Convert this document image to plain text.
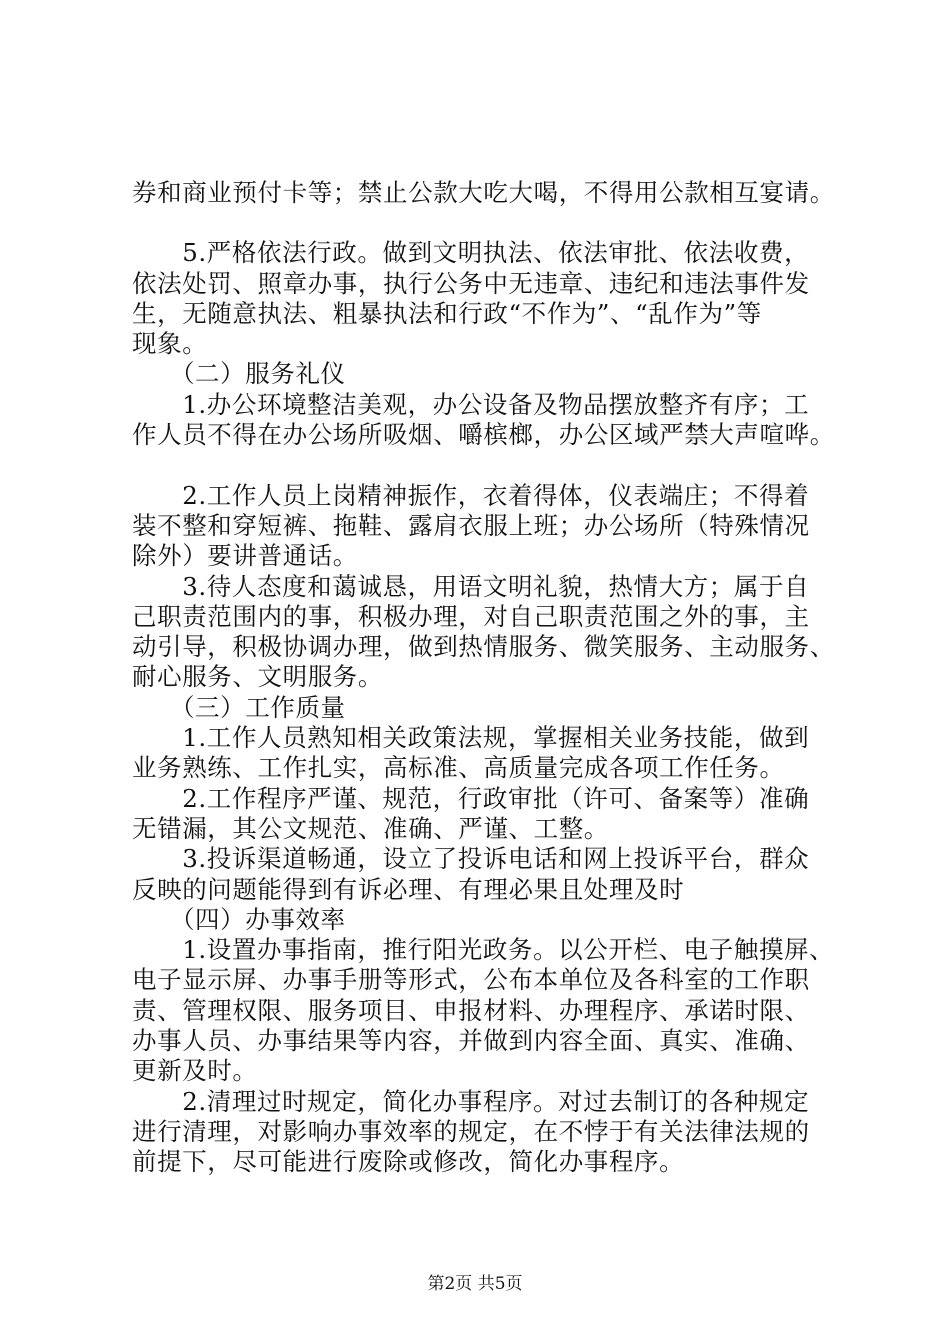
券和商业预付卡等；禁止公款大吃大喝，不得用公款相互宴请。
　　5.严格依法行政。做到文明执法、依法审批、依法收费，
依法处罚、照章办事，执行公务中无违章、违纪和违法事件发
生，无随意执法、粗暴执法和行政“不作为”、“乱作为”等
现象。
　　（二）服务礼仪
　　1.办公环境整洁美观，办公设备及物品摆放整齐有序；工
作人员不得在办公场所吸烟、嚼槟榔，办公区域严禁大声喧哗。
　　2.工作人员上岗精神振作，衣着得体，仪表端庄；不得着
装不整和穿短裤、拖鞋、露肩衣服上班；办公场所（特殊情况
除外）要讲普通话。
　　3.待人态度和蔼诚恳，用语文明礼貌，热情大方；属于自
己职责范围内的事，积极办理，对自己职责范围之外的事，主
动引导，积极协调办理，做到热情服务、微笑服务、主动服务、
耐心服务、文明服务。
　　（三）工作质量
　　1.工作人员熟知相关政策法规，掌握相关业务技能，做到
业务熟练、工作扎实，高标准、高质量完成各项工作任务。
　　2.工作程序严谨、规范，行政审批（许可、备案等）准确
无错漏，其公文规范、准确、严谨、工整。
　　3.投诉渠道畅通，设立了投诉电话和网上投诉平台，群众
反映的问题能得到有诉必理、有理必果且处理及时
　　（四）办事效率
　　1.设置办事指南，推行阳光政务。以公开栏、电子触摸屏、
电子显示屏、办事手册等形式，公布本单位及各科室的工作职
责、管理权限、服务项目、申报材料、办理程序、承诺时限、
办事人员、办事结果等内容，并做到内容全面、真实、准确、
更新及时。
　　2.清理过时规定，简化办事程序。对过去制订的各种规定
进行清理，对影响办事效率的规定，在不悖于有关法律法规的
前提下，尽可能进行废除或修改，简化办事程序。
第2页 共5页
